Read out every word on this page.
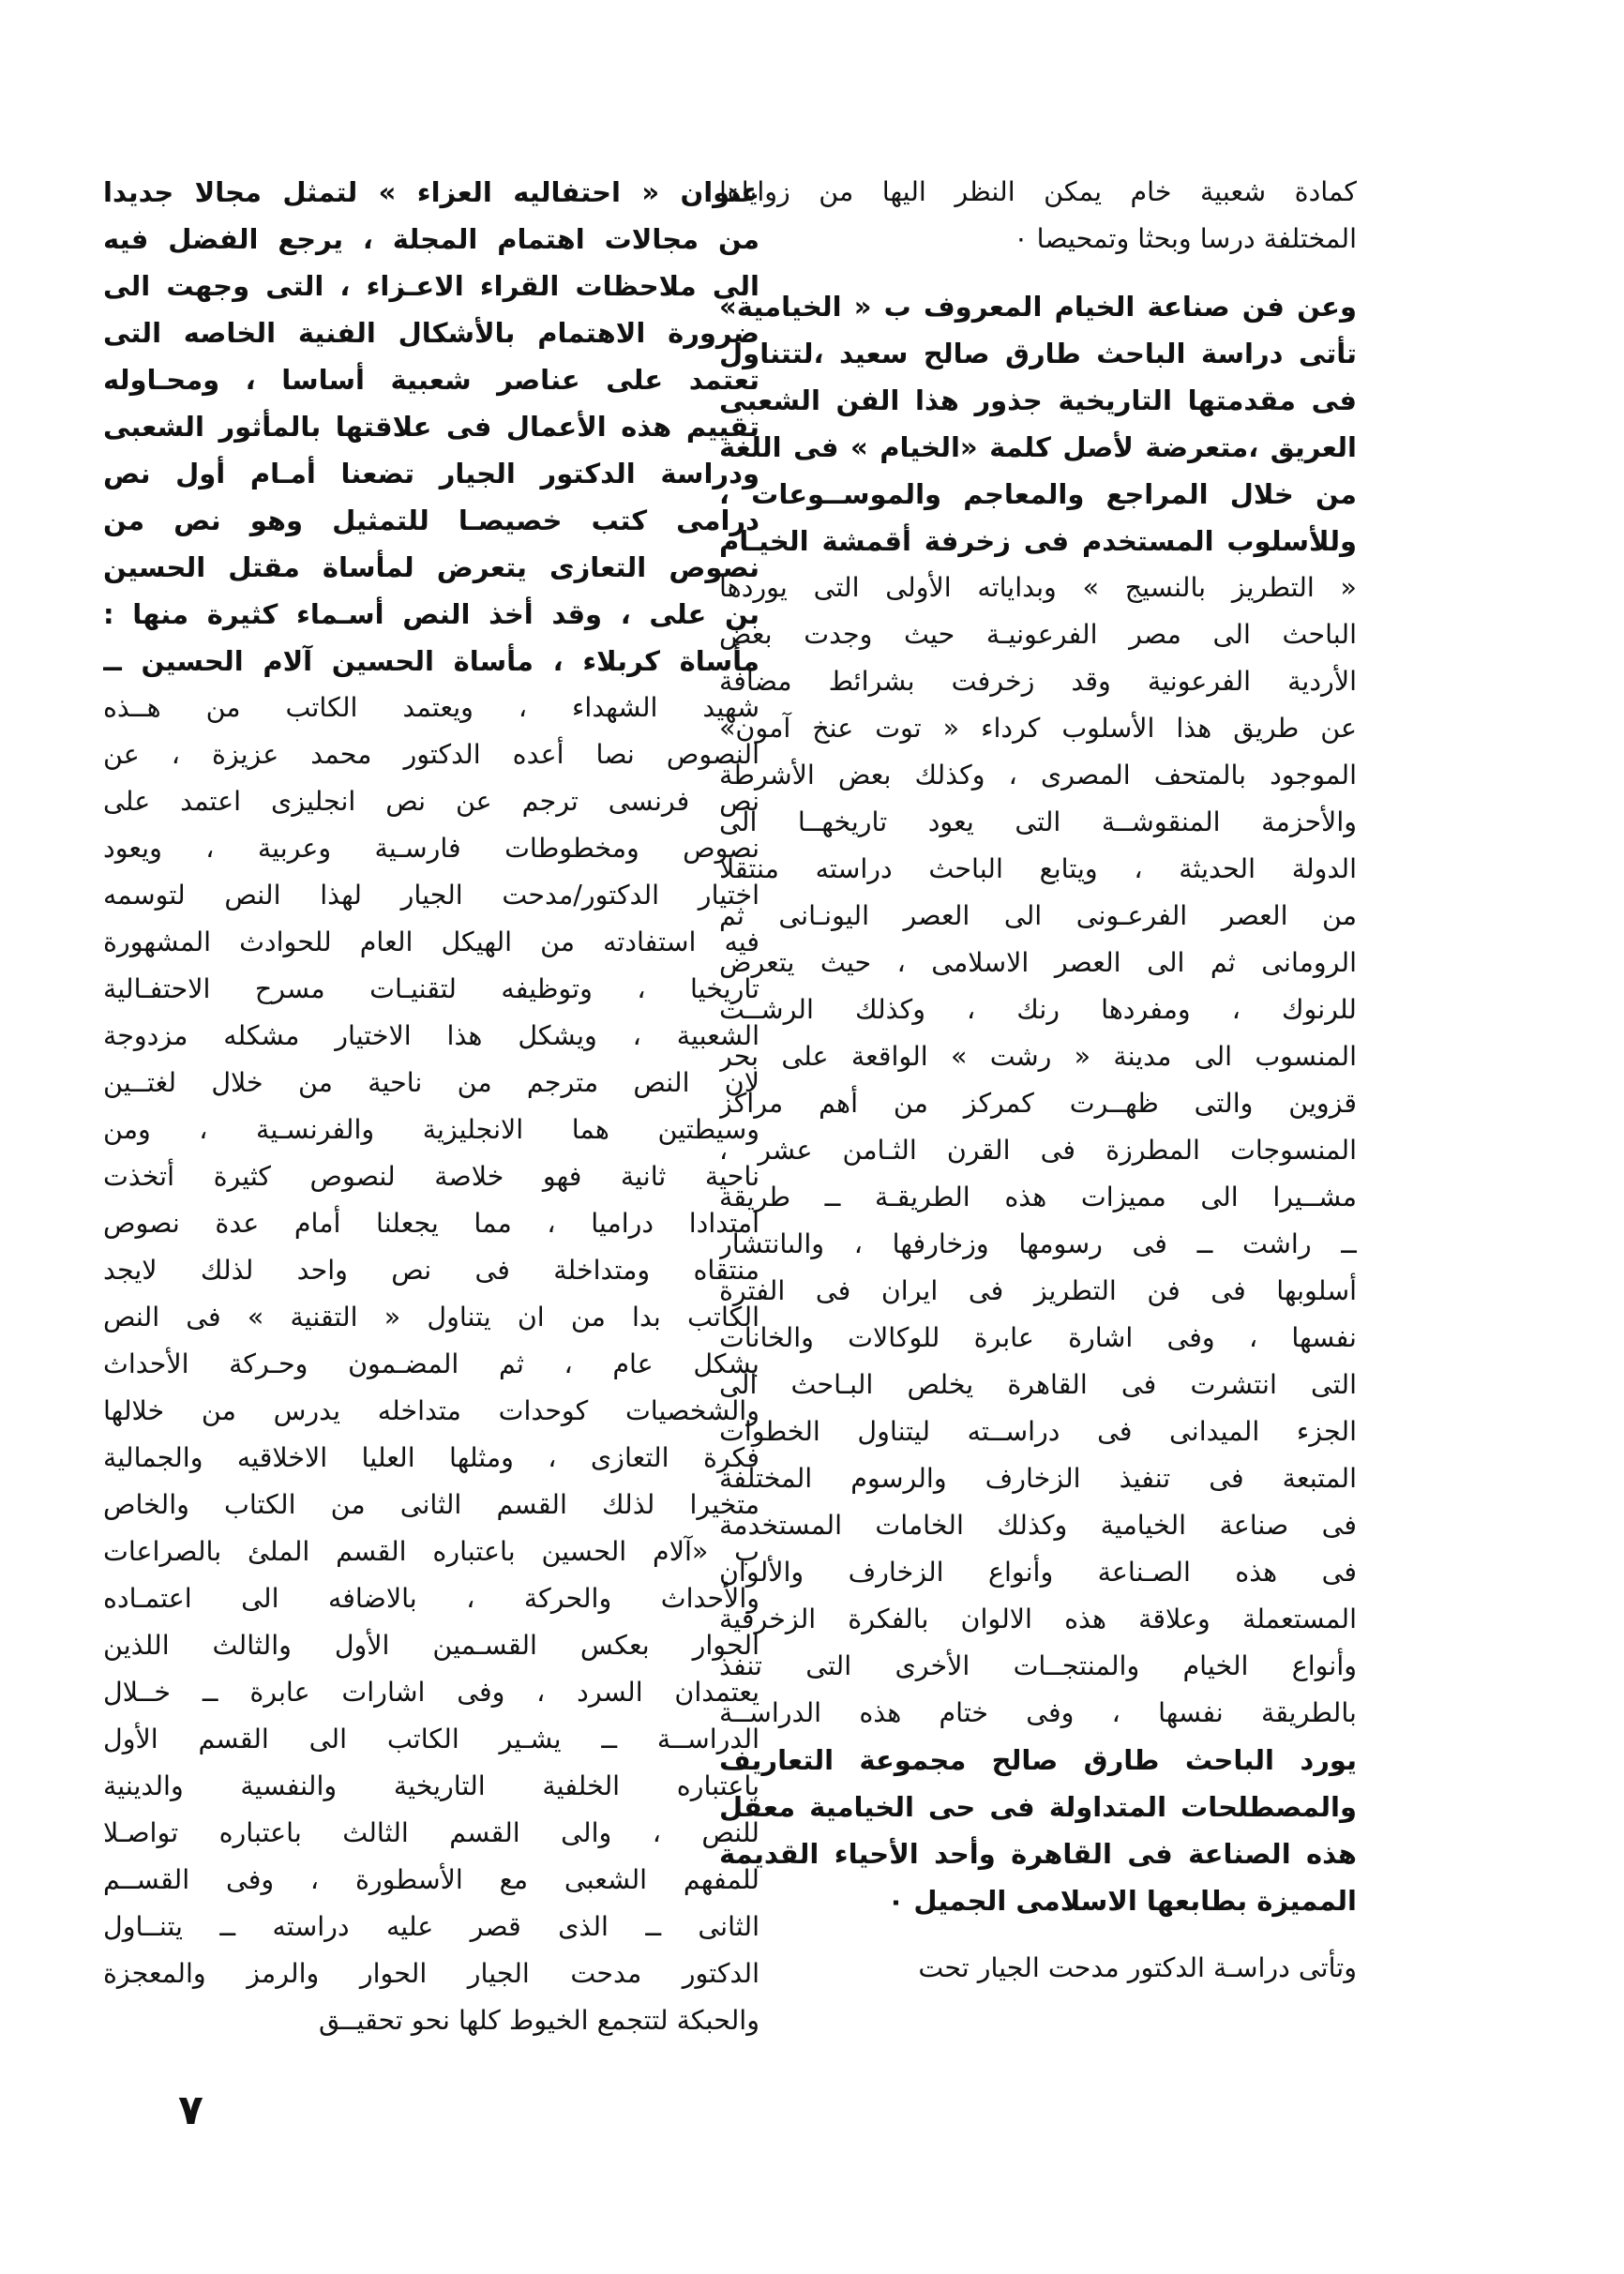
كمادة شعبية خام يمكن النظر اليها من زواياها
المختلفة درسا وبحثا وتمحيصا ٠
وعن فن صناعة الخيام المعروف ب « الخيامية»
تأتى دراسة الباحث طارق صالح سعيد ،لتتناول
فى مقدمتها التاريخية جذور هذا الفن الشعبى
العريق ،متعرضة لأصل كلمة «الخيام » فى اللغة
من خلال المراجع والمعاجم والموســوعات ،
وللأسلوب المستخدم فى زخرفة أقمشة الخيـام
« التطريز بالنسيج » وبداياته الأولى التى يوردها
الباحث الى مصر الفرعونيـة حيث وجدت بعض
الأردية الفرعونية وقد زخرفت بشرائط مضافة
عن طريق هذا الأسلوب كرداء « توت عنخ آمون»
الموجود بالمتحف المصرى ، وكذلك بعض الأشرطة
والأحزمة المنقوشــة التى يعود تاريخهــا الى
الدولة الحديثة ، ويتابع الباحث دراسته منتقلا
من العصر الفرعـونى الى العصر اليونـانى ثم
الرومانى ثم الى العصر الاسلامى ، حيث يتعرض
للرنوك ، ومفردها رنك ، وكذلك الرشــت
المنسوب الى مدينة « رشت » الواقعة على بحر
قزوين والتى ظهــرت كمركز من أهم مراكز
المنسوجات المطرزة فى القرن الثـامن عشر ،
مشــيرا الى مميزات هذه الطريقـة ــ طريقة
ــ راشت ــ فى رسومها وزخارفها ، والىانتشار
أسلوبها فى فن التطريز فى ايران فى الفترة
نفسها ، وفى اشارة عابرة للوكالات والخانات
التى انتشرت فى القاهرة يخلص البـاحث الى
الجزء الميدانى فى دراســته ليتناول الخطوات
المتبعة فى تنفيذ الزخارف والرسوم المختلفة
فى صناعة الخيامية وكذلك الخامات المستخدمة
فى هذه الصـناعة وأنواع الزخارف والألوان
المستعملة وعلاقة هذه الالوان بالفكرة الزخرفية
وأنواع الخيام والمنتجــات الأخرى التى تنفذ
بالطريقة نفسها ، وفى ختام هذه الدراســة
يورد الباحث طارق صالح مجموعة التعاريف
والمصطلحات المتداولة فى حى الخيامية معقل
هذه الصناعة فى القاهرة وأحد الأحياء القديمة
المميزة بطابعها الاسلامى الجميل ٠
وتأتى دراسـة الدكتور مدحت الجيار تحت
عنوان « احتفاليه العزاء » لتمثل مجالا جديدا
من مجالات اهتمام المجلة ، يرجع الفضل فيه
الى ملاحظات القراء الاعـزاء ، التى وجهت الى
ضرورة الاهتمام بالأشكال الفنية الخاصه التى
تعتمد على عناصر شعبية أساسا ، ومحـاوله
تقييم هذه الأعمال فى علاقتها بالمأثور الشعبى
ودراسة الدكتور الجيار تضعنا أمـام أول نص
درامى كتب خصيصـا للتمثيل وهو نص من
نصوص التعازى يتعرض لمأساة مقتل الحسين
بن على ، وقد أخذ النص أسـماء كثيرة منها :
مأساة كربلاء ، مأساة الحسين آلام الحسين ــ
شهيد الشهداء ، ويعتمد الكاتب من هــذه
النصوص نصا أعده الدكتور محمد عزيزة ، عن
نص فرنسى ترجم عن نص انجليزى اعتمد على
نصوص ومخطوطات فارسـية وعربية ، ويعود
اختيار الدكتور/مدحت الجيار لهذا النص لتوسمه
فيه استفادته من الهيكل العام للحوادث المشهورة
تاريخيا ، وتوظيفه لتقنيـات مسرح الاحتفـالية
الشعبية ، ويشكل هذا الاختيار مشكله مزدوجة
لان النص مترجم من ناحية من خلال لغتــين
وسيطتين هما الانجليزية والفرنسـية ، ومن
ناحية ثانية فهو خلاصة لنصوص كثيرة أتخذت
امتدادا دراميا ، مما يجعلنا أمام عدة نصوص
منتقاه ومتداخلة فى نص واحد لذلك لايجد
الكاتب بدا من ان يتناول « التقنية » فى النص
بشكل عام ، ثم المضـمون وحـركة الأحداث
والشخصيات كوحدات متداخله يدرس من خلالها
فكرة التعازى ، ومثلها العليا الاخلاقيه والجمالية
متخيرا لذلك القسم الثانى من الكتاب والخاص
ب «آلام الحسين باعتباره القسم الملئ بالصراعات
والأحداث والحركة ، بالاضافه الى اعتمـاده
الحوار بعكس القسـمين الأول والثالث اللذين
يعتمدان السرد ، وفى اشارات عابرة ــ خــلال
الدراســة ــ يشـير الكاتب الى القسم الأول
باعتباره الخلفية التاريخية والنفسية والدينية
للنص ، والى القسم الثالث باعتباره تواصـلا
للمفهم الشعبى مع الأسطورة ، وفى القســم
الثانى ــ الذى قصر عليه دراسته ــ يتنــاول
الدكتور مدحت الجيار الحوار والرمز والمعجزة
والحبكة لتتجمع الخيوط كلها نحو تحقيــق
٧
